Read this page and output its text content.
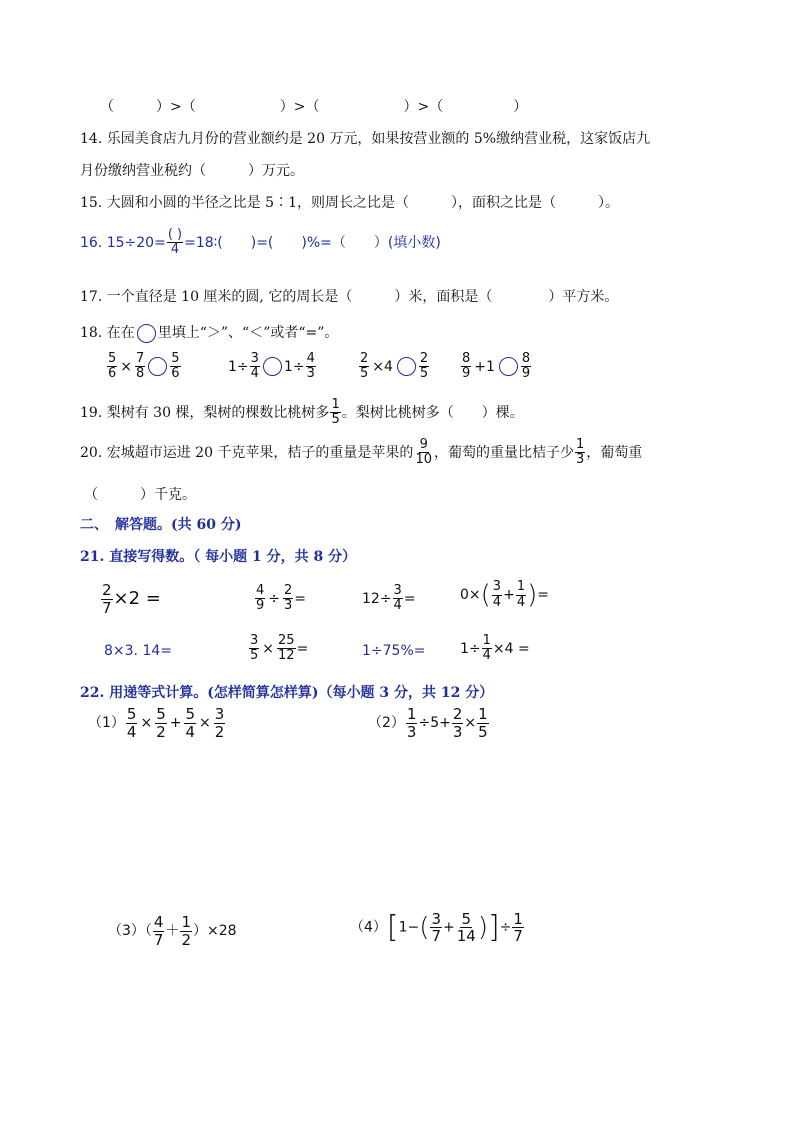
（　　　）>（　　　　　　）>（　　　　　　）>（　　　　　）
14. 乐园美食店九月份的营业额约是 20 万元，如果按营业额的 5%缴纳营业税，这家饭店九
月份缴纳营业税约（　　　）万元。
15. 大圆和小圆的半径之比是 5∶1，则周长之比是（　　　），面积之比是（　　　）。
16. $15\div 20= \frac{( )}{4}$ =18∶(　　)=(　　)%=（　　）(填小数)
17. 一个直径是 10 厘米的圆, 它的周长是（　　　）米，面积是（　　　　）平方米。
18. 在在 里填上“＞”、“＜”或者“=”。
$\frac{5}{6} \times \frac{7}{8} \frac{5}{6}$	$1\div \frac{3}{4} 1\div \frac{4}{3}$	$\frac{2}{5} \times 4 \frac{2}{5} \frac{8}{9} +1 \frac{8}{9}$
19. 梨树有 30 棵，梨树的棵数比桃树多 $\frac{1}{5}$ 。梨树比桃树多（　　）棵。
20. 宏城超市运进 20 千克苹果，桔子的重量是苹果的 $\frac{9}{10}$ ，葡萄的重量比桔子少 $\frac{1}{3}$ ，葡萄重
（　　　）千克。
二、　解答题。(共 60 分)
21. 直接写得数。（ 每小题 1 分，共 8 分）
$\frac{2}{7} \times 2$ =	$\frac{4}{9} \div \frac{2}{3}$ =	$12\div \frac{3}{4}$ =	$0\times( \frac{3}{4} + \frac{1}{4}$ )=
8×3. 14=	$\frac{3}{5} \times \frac{25}{12}$ =	$1\div 75\%= 1\div \frac{1}{4} \times 4$ =
22. 用递等式计算。(怎样简算怎样算)（每小题 3 分，共 12 分）
$(1) \frac{5}{4} \times \frac{5}{2} + \frac{5}{4} \times \frac{3}{2}$	$(2) \frac{1}{3} \div 5+ \frac{2}{3} \times \frac{1}{5}$
$(3)( \frac{4}{7} + \frac{1}{2} )\times 28$	$(4)[1-( \frac{3}{7} + \frac{5}{14}$ )]÷ $\frac{1}{7}$
